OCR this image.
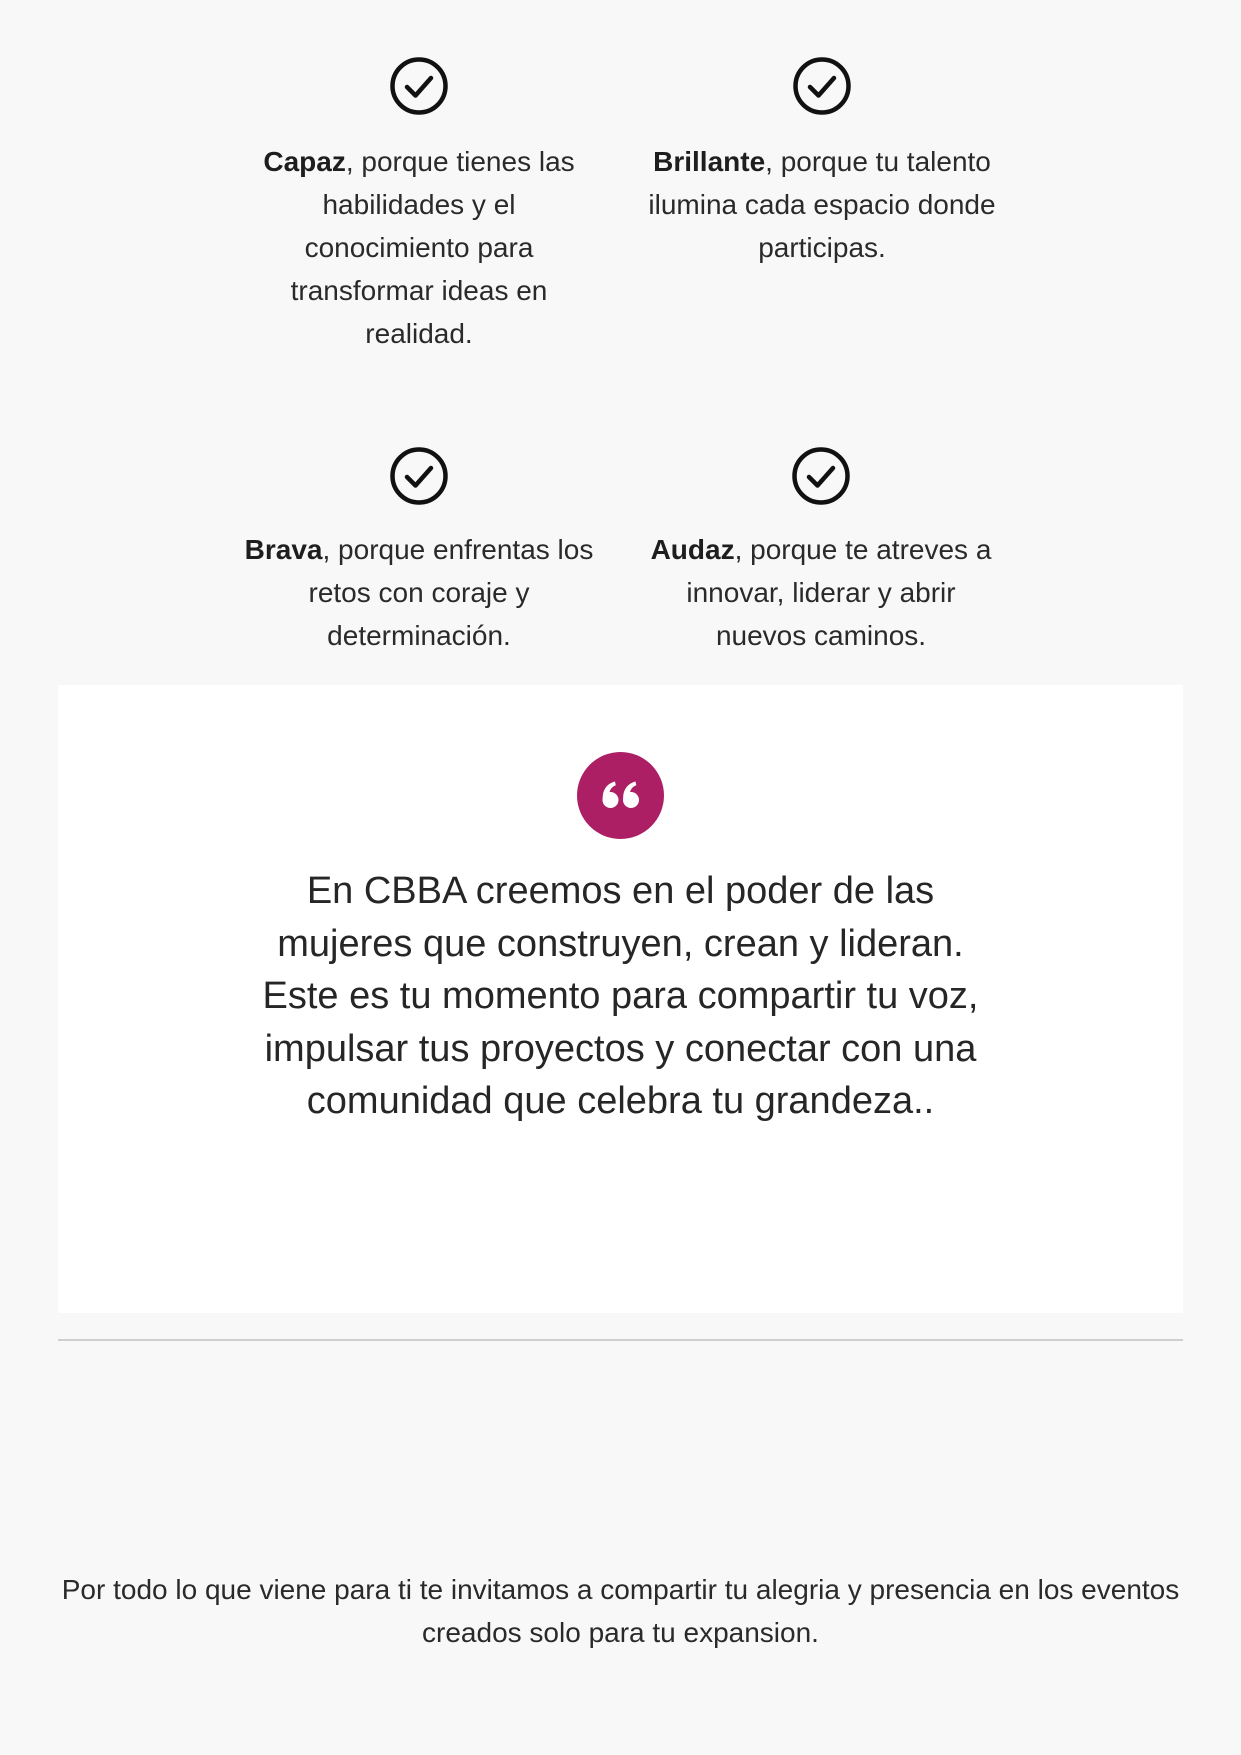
Capaz, porque tienes las habilidades y el conocimiento para transformar ideas en realidad.
Brillante, porque tu talento ilumina cada espacio donde participas.
Brava, porque enfrentas los retos con coraje y determinación.
Audaz, porque te atreves a innovar, liderar y abrir nuevos caminos.

En CBBA creemos en el poder de las mujeres que construyen, crean y lideran. Este es tu momento para compartir tu voz, impulsar tus proyectos y conectar con una comunidad que celebra tu grandeza..

Por todo lo que viene para ti te invitamos a compartir tu alegria y presencia en los eventos creados solo para tu expansion.
